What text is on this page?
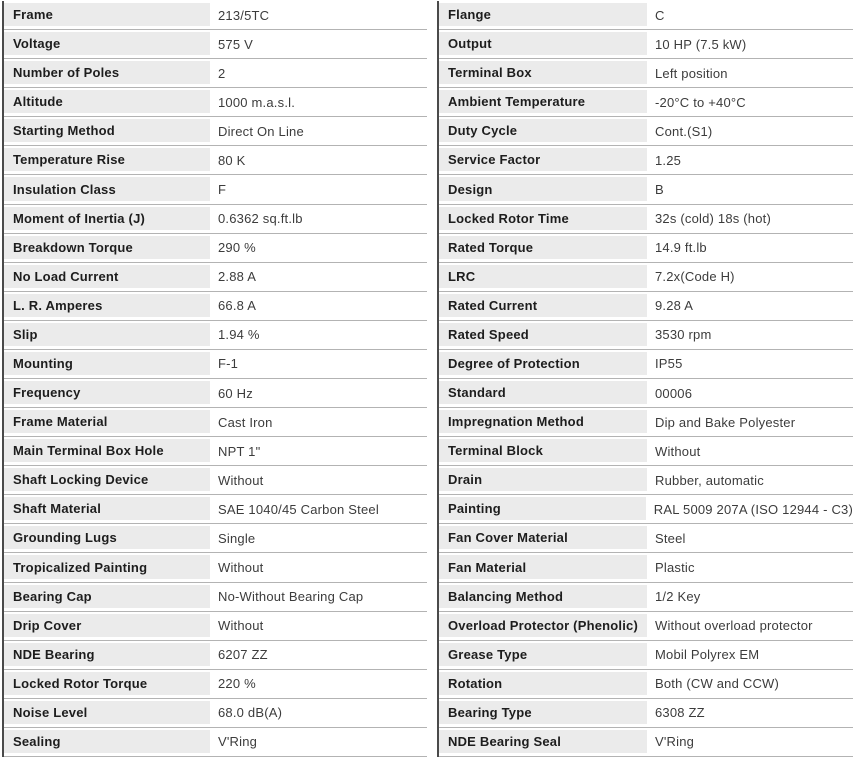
Frame	213/5TC
Voltage	575 V
Number of Poles	2
Altitude	1000 m.a.s.l.
Starting Method	Direct On Line
Temperature Rise	80 K
Insulation Class	F
Moment of Inertia (J)	0.6362 sq.ft.lb
Breakdown Torque	290 %
No Load Current	2.88 A
L. R. Amperes	66.8 A
Slip	1.94 %
Mounting	F-1
Frequency	60 Hz
Frame Material	Cast Iron
Main Terminal Box Hole	NPT 1"
Shaft Locking Device	Without
Shaft Material	SAE 1040/45 Carbon Steel
Grounding Lugs	Single
Tropicalized Painting	Without
Bearing Cap	No-Without Bearing Cap
Drip Cover	Without
NDE Bearing	6207 ZZ
Locked Rotor Torque	220 %
Noise Level	68.0 dB(A)
Sealing	V'Ring
Flange	C
Output	10 HP (7.5 kW)
Terminal Box	Left position
Ambient Temperature	-20°C to +40°C
Duty Cycle	Cont.(S1)
Service Factor	1.25
Design	B
Locked Rotor Time	32s (cold) 18s (hot)
Rated Torque	14.9 ft.lb
LRC	7.2x(Code H)
Rated Current	9.28 A
Rated Speed	3530 rpm
Degree of Protection	IP55
Standard	00006
Impregnation Method	Dip and Bake Polyester
Terminal Block	Without
Drain	Rubber, automatic
Painting	RAL 5009 207A (ISO 12944 - C3)
Fan Cover Material	Steel
Fan Material	Plastic
Balancing Method	1/2 Key
Overload Protector (Phenolic)	Without overload protector
Grease Type	Mobil Polyrex EM
Rotation	Both (CW and CCW)
Bearing Type	6308 ZZ
NDE Bearing Seal	V'Ring
